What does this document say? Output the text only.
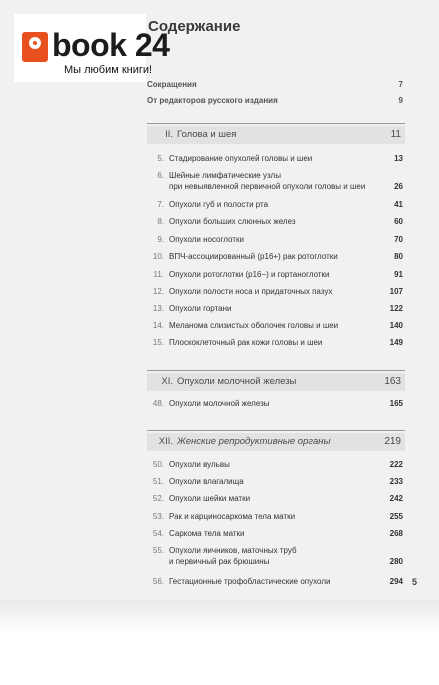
book 24
Мы любим книги!
Содержание
Сокращения	7
От редакторов русского издания	9
II. Голова и шея	11
5. Стадирование опухолей головы и шеи	13
6. Шейные лимфатические узлы
при невыявленной первичной опухоли головы и шеи	26
7. Опухоли губ и полости рта	41
8. Опухоли больших слюнных желез	60
9. Опухоли носоглотки	70
10. ВПЧ-ассоциированный (p16+) рак ротоглотки	80
11. Опухоли ротоглотки (p16−) и гортаноглотки	91
12. Опухоли полости носа и придаточных пазух	107
13. Опухоли гортани	122
14. Меланома слизистых оболочек головы и шеи	140
15. Плоскоклеточный рак кожи головы и шеи	149
XI. Опухоли молочной железы	163
48. Опухоли молочной железы	165
XII. Женские репродуктивные органы	219
50. Опухоли вульвы	222
51. Опухоли влагалища	233
52. Опухоли шейки матки	242
53. Рак и карциносаркома тела матки	255
54. Саркома тела матки	268
55. Опухоли яичников, маточных труб
и первичный рак брюшины	280
56. Гестационные трофобластические опухоли	294 5
